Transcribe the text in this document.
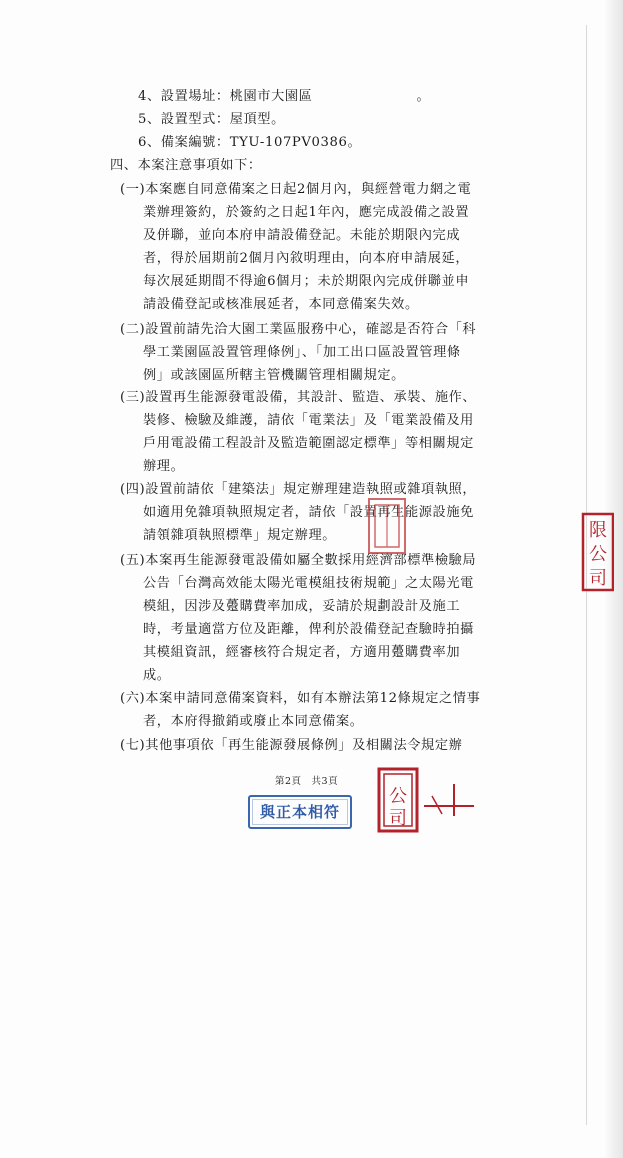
4、設置場址：桃園市大園區	。
5、設置型式：屋頂型。
6、備案編號：TYU-107PV0386。
四、本案注意事項如下：
(一)本案應自同意備案之日起2個月內，與經營電力網之電
業辦理簽約，於簽約之日起1年內，應完成設備之設置
及併聯，並向本府申請設備登記。未能於期限內完成
者，得於屆期前2個月內敘明理由，向本府申請展延，
每次展延期間不得逾6個月；未於期限內完成併聯並申
請設備登記或核准展延者，本同意備案失效。
(二)設置前請先洽大園工業區服務中心，確認是否符合「科
學工業園區設置管理條例」、「加工出口區設置管理條
例」或該園區所轄主管機關管理相關規定。
(三)設置再生能源發電設備，其設計、監造、承裝、施作、
裝修、檢驗及維護，請依「電業法」及「電業設備及用
戶用電設備工程設計及監造範圍認定標準」等相關規定
辦理。
(四)設置前請依「建築法」規定辦理建造執照或雜項執照，
如適用免雜項執照規定者，請依「設置再生能源設施免
請領雜項執照標準」規定辦理。
(五)本案再生能源發電設備如屬全數採用經濟部標準檢驗局
公告「台灣高效能太陽光電模組技術規範」之太陽光電
模組，因涉及躉購費率加成，妥請於規劃設計及施工
時，考量適當方位及距離，俾利於設備登記查驗時拍攝
其模組資訊，經審核符合規定者，方適用躉購費率加
成。
(六)本案申請同意備案資料，如有本辦法第12條規定之情事
者，本府得撤銷或廢止本同意備案。
(七)其他事項依「再生能源發展條例」及相關法令規定辦
第2頁 共3頁
與正本相符
限
公
司
公
司
